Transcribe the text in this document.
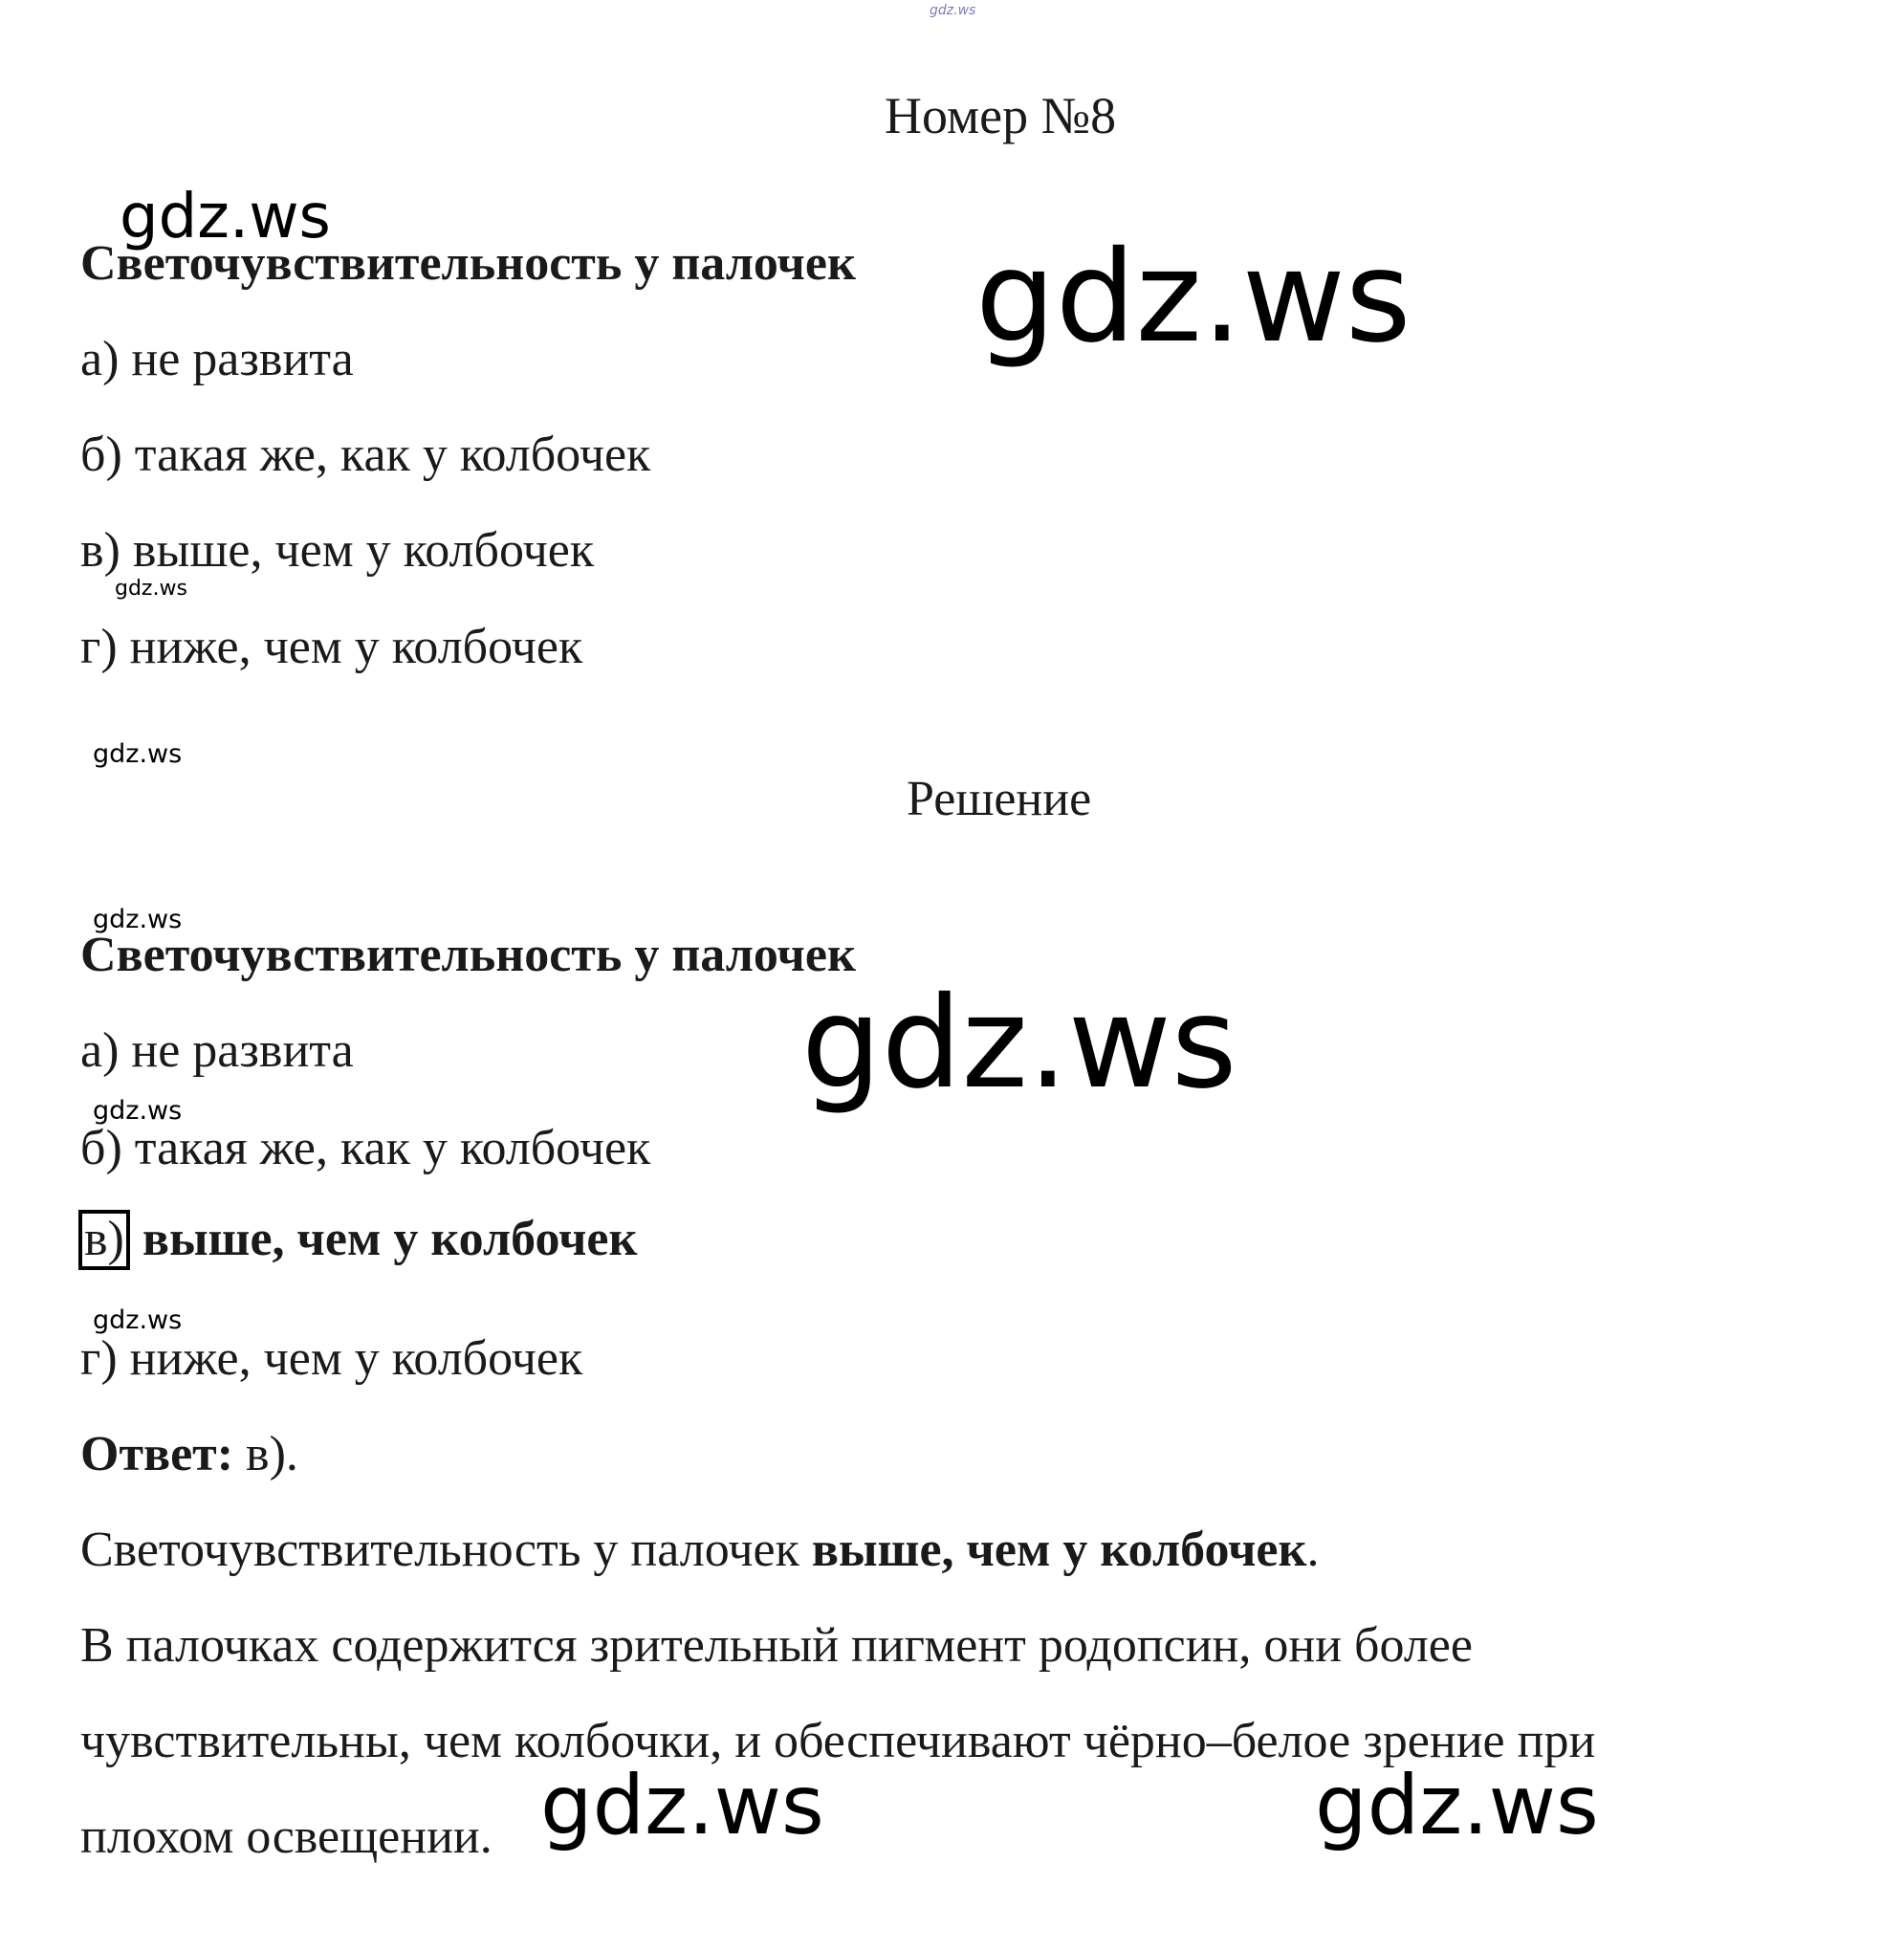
gdz.ws
Номер №8
gdz.ws
Светочувствительность у палочек gdz.ws
а) не развита
б) такая же, как у колбочек
в) выше, чем у колбочек
gdz.ws
г) ниже, чем у колбочек
gdz.ws
Решение
gdz.ws
Светочувствительность у палочек
gdz.ws
а) не развита
gdz.ws
б) такая же, как у колбочек
в) выше, чем у колбочек
gdz.ws
г) ниже, чем у колбочек
Ответ: в).
Светочувствительность у палочек выше, чем у колбочек.
В палочках содержится зрительный пигмент родопсин, они более
чувствительны, чем колбочки, и обеспечивают чёрно–белое зрение при
плохом освещении. gdz.ws	gdz.ws
